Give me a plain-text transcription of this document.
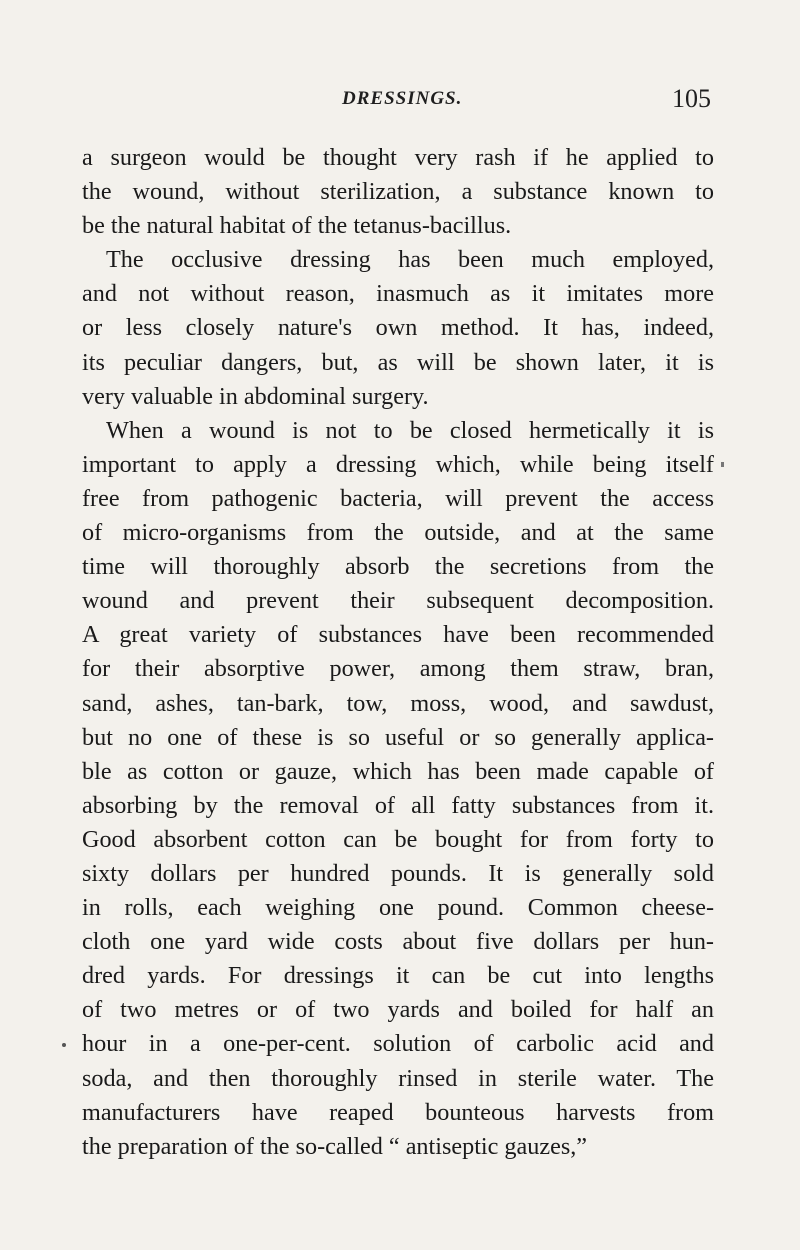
DRESSINGS.	105
a surgeon would be thought very rash if he applied to
the wound, without sterilization, a substance known to
be the natural habitat of the tetanus-bacillus.
The occlusive dressing has been much employed,
and not without reason, inasmuch as it imitates more
or less closely nature's own method. It has, indeed,
its peculiar dangers, but, as will be shown later, it is
very valuable in abdominal surgery.
When a wound is not to be closed hermetically it is
important to apply a dressing which, while being itself
free from pathogenic bacteria, will prevent the access
of micro-organisms from the outside, and at the same
time will thoroughly absorb the secretions from the
wound and prevent their subsequent decomposition.
A great variety of substances have been recommended
for their absorptive power, among them straw, bran,
sand, ashes, tan-bark, tow, moss, wood, and sawdust,
but no one of these is so useful or so generally applica-
ble as cotton or gauze, which has been made capable of
absorbing by the removal of all fatty substances from it.
Good absorbent cotton can be bought for from forty to
sixty dollars per hundred pounds. It is generally sold
in rolls, each weighing one pound. Common cheese-
cloth one yard wide costs about five dollars per hun-
dred yards. For dressings it can be cut into lengths
of two metres or of two yards and boiled for half an
hour in a one-per-cent. solution of carbolic acid and
soda, and then thoroughly rinsed in sterile water. The
manufacturers have reaped bounteous harvests from
the preparation of the so-called “ antiseptic gauzes,”
